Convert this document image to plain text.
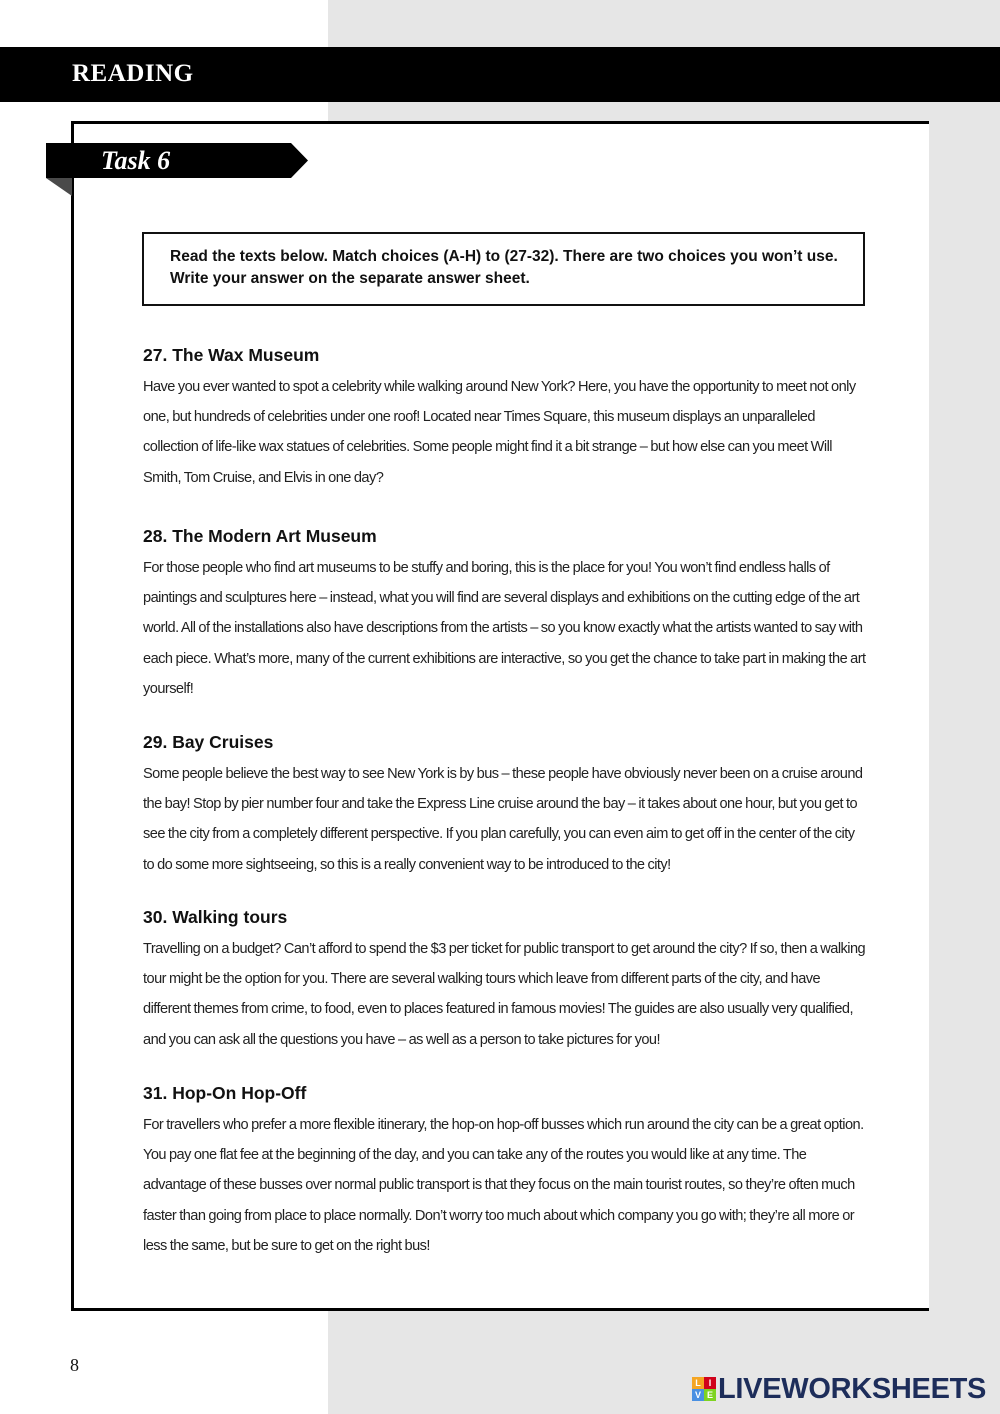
READING
Task 6
Read the texts below. Match choices (A-H) to (27-32). There are two choices you won’t use. Write your answer on the separate answer sheet.
27. The Wax Museum
Have you ever wanted to spot a celebrity while walking around New York? Here, you have the opportunity to meet not only one, but hundreds of celebrities under one roof! Located near Times Square, this museum displays an unparalleled collection of life-like wax statues of celebrities. Some people might find it a bit strange – but how else can you meet Will Smith, Tom Cruise, and Elvis in one day?
28. The Modern Art Museum
For those people who find art museums to be stuffy and boring, this is the place for you! You won’t find endless halls of paintings and sculptures here – instead, what you will find are several displays and exhibitions on the cutting edge of the art world. All of the installations also have descriptions from the artists – so you know exactly what the artists wanted to say with each piece. What’s more, many of the current exhibitions are interactive, so you get the chance to take part in making the art yourself!
29. Bay Cruises
Some people believe the best way to see New York is by bus – these people have obviously never been on a cruise around the bay! Stop by pier number four and take the Express Line cruise around the bay – it takes about one hour, but you get to see the city from a completely different perspective. If you plan carefully, you can even aim to get off in the center of the city to do some more sightseeing, so this is a really convenient way to be introduced to the city!
30. Walking tours
Travelling on a budget? Can’t afford to spend the $3 per ticket for public transport to get around the city? If so, then a walking tour might be the option for you. There are several walking tours which leave from different parts of the city, and have different themes from crime, to food, even to places featured in famous movies! The guides are also usually very qualified, and you can ask all the questions you have – as well as a person to take pictures for you!
31. Hop-On Hop-Off
For travellers who prefer a more flexible itinerary, the hop-on hop-off busses which run around the city can be a great option. You pay one flat fee at the beginning of the day, and you can take any of the routes you would like at any time. The advantage of these busses over normal public transport is that they focus on the main tourist routes, so they’re often much faster than going from place to place normally. Don’t worry too much about which company you go with; they’re all more or less the same, but be sure to get on the right bus!
8
L I
V E LIVEWORKSHEETS
